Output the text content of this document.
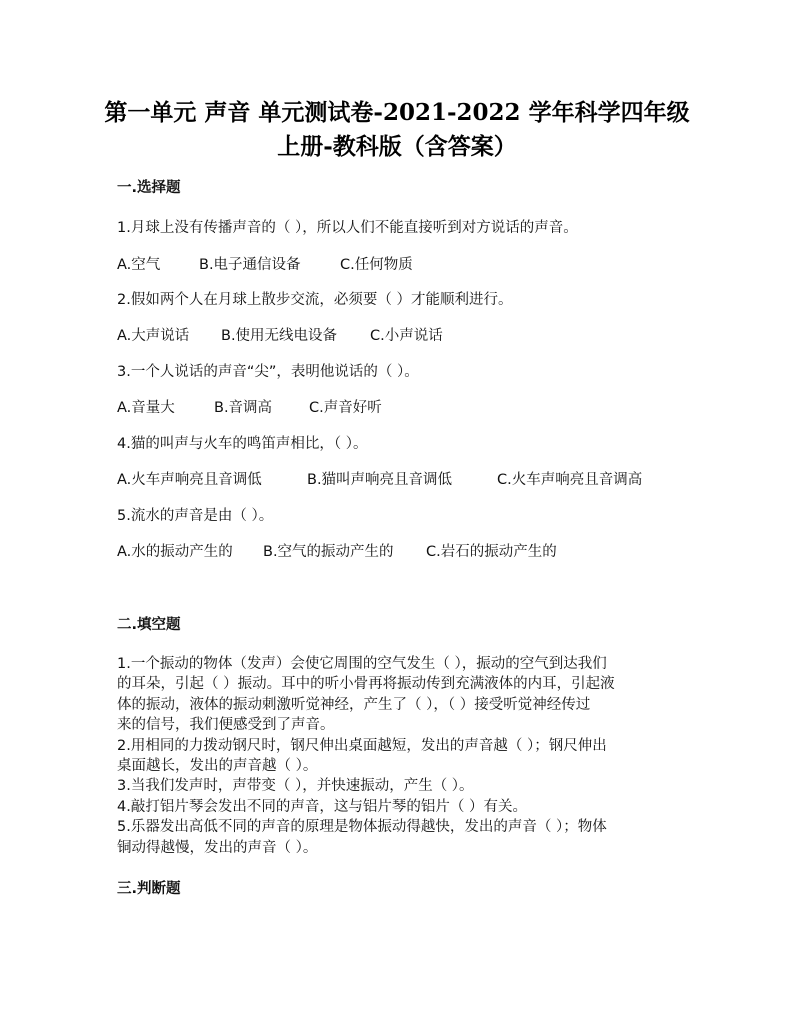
第一单元 声音 单元测试卷-2021-2022 学年科学四年级
上册-教科版（含答案）
一.选择题
1.月球上没有传播声音的（ ），所以人们不能直接听到对方说话的声音。
A.空气	B.电子通信设备	C.任何物质
2.假如两个人在月球上散步交流，必须要（ ）才能顺利进行。
A.大声说话 B.使用无线电设备 C.小声说话
3.一个人说话的声音“尖”，表明他说话的（ ）。
A.音量大	B.音调高	C.声音好听
4.猫的叫声与火车的鸣笛声相比，（ ）。
A.火车声响亮且音调低	B.猫叫声响亮且音调低	C.火车声响亮且音调高
5.流水的声音是由（ ）。
A.水的振动产生的 B.空气的振动产生的 C.岩石的振动产生的
二.填空题
1.一个振动的物体（发声）会使它周围的空气发生（ ），振动的空气到达我们
的耳朵，引起（ ）振动。耳中的听小骨再将振动传到充满液体的内耳，引起液
体的振动，液体的振动刺激听觉神经，产生了（ ），（ ）接受听觉神经传过
来的信号，我们便感受到了声音。
2.用相同的力拨动钢尺时，钢尺伸出桌面越短，发出的声音越（ ）；钢尺伸出
桌面越长，发出的声音越（ ）。
3.当我们发声时，声带变（ ），并快速振动，产生（ ）。
4.敲打铝片琴会发出不同的声音，这与铝片琴的铝片（ ）有关。
5.乐器发出高低不同的声音的原理是物体振动得越快，发出的声音（ ）；物体
铜动得越慢，发出的声音（ ）。
三.判断题
